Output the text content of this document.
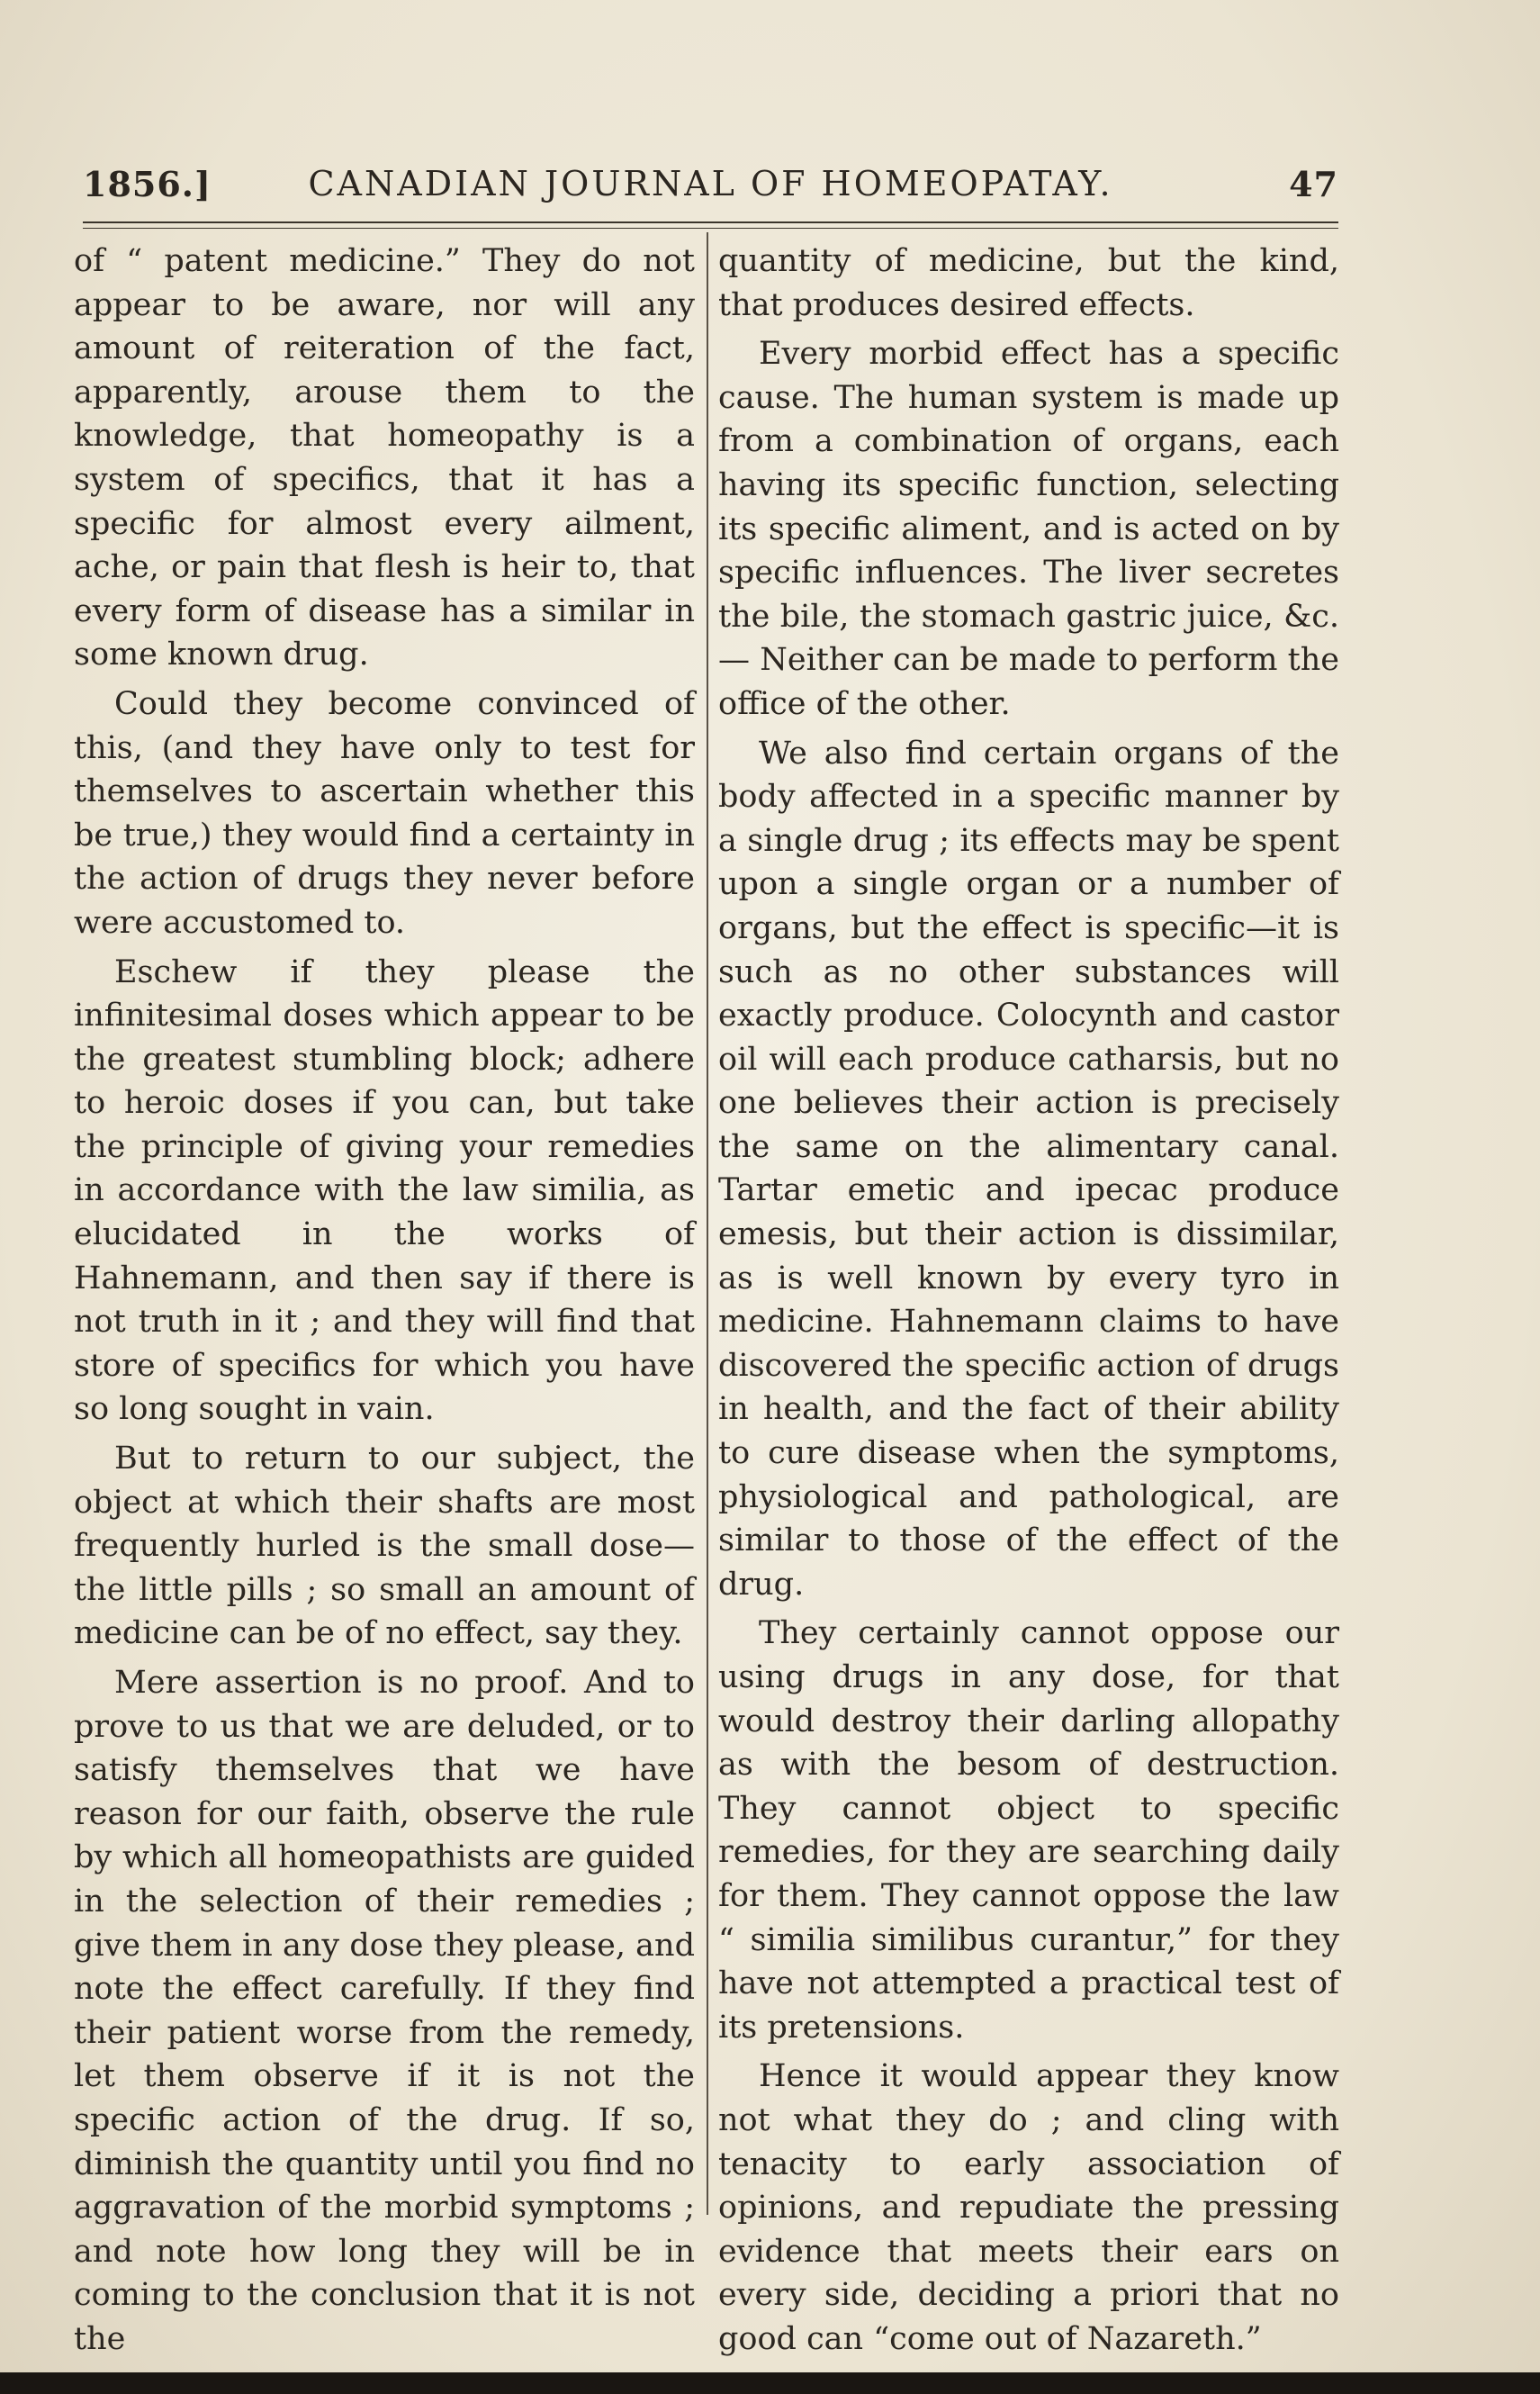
1856.]	CANADIAN JOURNAL OF HOMEOPATAY.	47

of “ patent medicine.” They do not appear to be aware, nor will any amount of reiteration of the fact, apparently, arouse them to the knowledge, that homeopathy is a system of specifics, that it has a specific for almost every ailment, ache, or pain that flesh is heir to, that every form of disease has a similar in some known drug.

Could they become convinced of this, (and they have only to test for themselves to ascertain whether this be true,) they would find a certainty in the action of drugs they never before were accustomed to.

Eschew if they please the infinitesimal doses which appear to be the greatest stumbling block; adhere to heroic doses if you can, but take the principle of giving your remedies in accordance with the law similia, as elucidated in the works of Hahnemann, and then say if there is not truth in it ; and they will find that store of specifics for which you have so long sought in vain.

But to return to our subject, the object at which their shafts are most frequently hurled is the small dose—the little pills ; so small an amount of medicine can be of no effect, say they.

Mere assertion is no proof. And to prove to us that we are deluded, or to satisfy themselves that we have reason for our faith, observe the rule by which all homeopathists are guided in the selection of their remedies ; give them in any dose they please, and note the effect carefully. If they find their patient worse from the remedy, let them observe if it is not the specific action of the drug. If so, diminish the quantity until you find no aggravation of the morbid symptoms ; and note how long they will be in coming to the conclusion that it is not the

quantity of medicine, but the kind, that produces desired effects.

Every morbid effect has a specific cause. The human system is made up from a combination of organs, each having its specific function, selecting its specific aliment, and is acted on by specific influences. The liver secretes the bile, the stomach gastric juice, &c.— Neither can be made to perform the office of the other.

We also find certain organs of the body affected in a specific manner by a single drug ; its effects may be spent upon a single organ or a number of organs, but the effect is specific—it is such as no other substances will exactly produce. Colocynth and castor oil will each produce catharsis, but no one believes their action is precisely the same on the alimentary canal. Tartar emetic and ipecac produce emesis, but their action is dissimilar, as is well known by every tyro in medicine. Hahnemann claims to have discovered the specific action of drugs in health, and the fact of their ability to cure disease when the symptoms, physiological and pathological, are similar to those of the effect of the drug.

They certainly cannot oppose our using drugs in any dose, for that would destroy their darling allopathy as with the besom of destruction. They cannot object to specific remedies, for they are searching daily for them. They cannot oppose the law “ similia similibus curantur,” for they have not attempted a practical test of its pretensions.

Hence it would appear they know not what they do ; and cling with tenacity to early association of opinions, and repudiate the pressing evidence that meets their ears on every side, deciding a priori that no good can “come out of Nazareth.”
